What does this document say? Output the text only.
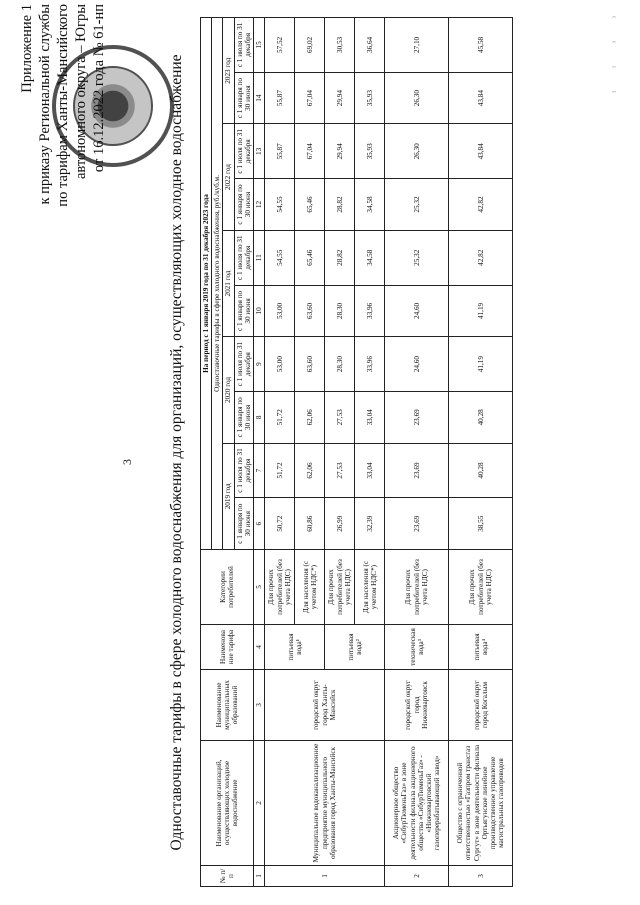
3
Приложение 1 к приказу Региональной службы по тарифам Ханты-Мансийского автономного округа – Югры от 16.12.2022 года № 61-нп	Одноставочные тарифы в сфере холодного водоснабжения для организаций, осуществляющих холодное водоснабжение
№ п/ п	Наименование организаций, осуществляющих холодное водоснабжение	Наименование муниципальных образований	Наименова ние тарифа	Категории потребителей	На период с 1 января 2019 года по 31 декабря 2023 года									
					Одноставочные тарифы в сфере холодного водоснабжения, руб./куб.м.									
					2019 год		2020 год		2021 год		2022 год		2023 год	
					с 1 января по 30 июня	с 1 июля по 31 декабря	с 1 января по 30 июня	с 1 июля по 31 декабря	с 1 января по 30 июня	с 1 июля по 31 декабря	с 1 января по 30 июня	с 1 июля по 31 декабря	с 1 января по 30 июня	с 1 июля по 31 декабря
1	2	3	4	5	6	7	8	9	10	11	12	13	14	15
1	Муниципальное водоканализационное предприятие муниципального образования город Ханты-Мансийск	городской округ город Ханты-Мансийск	питьевая вода¹	Для прочих потребителей (без учета НДС)	50,72	51,72	51,72	53,00	53,00	54,55	54,55	55,87	55,87	57,52
				Для населения (с учетом НДС*)	60,86	62,06	62,06	63,60	63,60	65,46	65,46	67,04	67,04	69,02
			питьевая вода²	Для прочих потребителей (без учета НДС)	26,99	27,53	27,53	28,30	28,30	28,82	28,82	29,94	29,94	30,53
				Для населения (с учетом НДС*)	32,39	33,04	33,04	33,96	33,96	34,58	34,58	35,93	35,93	36,64
2	Акционерное общество «СибурТюменьГаз» в зоне деятельности филиала акционерного общества «СибурТюменьГаз» - «Нижневартовский газоперерабатывающий завод»	городской округ город Нижневартовск	техническая вода³	Для прочих потребителей (без учета НДС)	23,69	23,69	23,69	24,60	24,60	25,32	25,32	26,30	26,30	27,10
3	Общество с ограниченной ответственностью «Газпром трансгаз Сургут» в зоне деятельности филиала Ортьягунское линейное производственное управление магистральных газопроводов	городской округ город Когалым	питьевая вода⁴	Для прочих потребителей (без учета НДС)	38,55	40,28	40,28	41,19	41,19	42,82	42,82	43,84	43,84	45,58	ᵌ ᵌ ᵌ ᵌ
